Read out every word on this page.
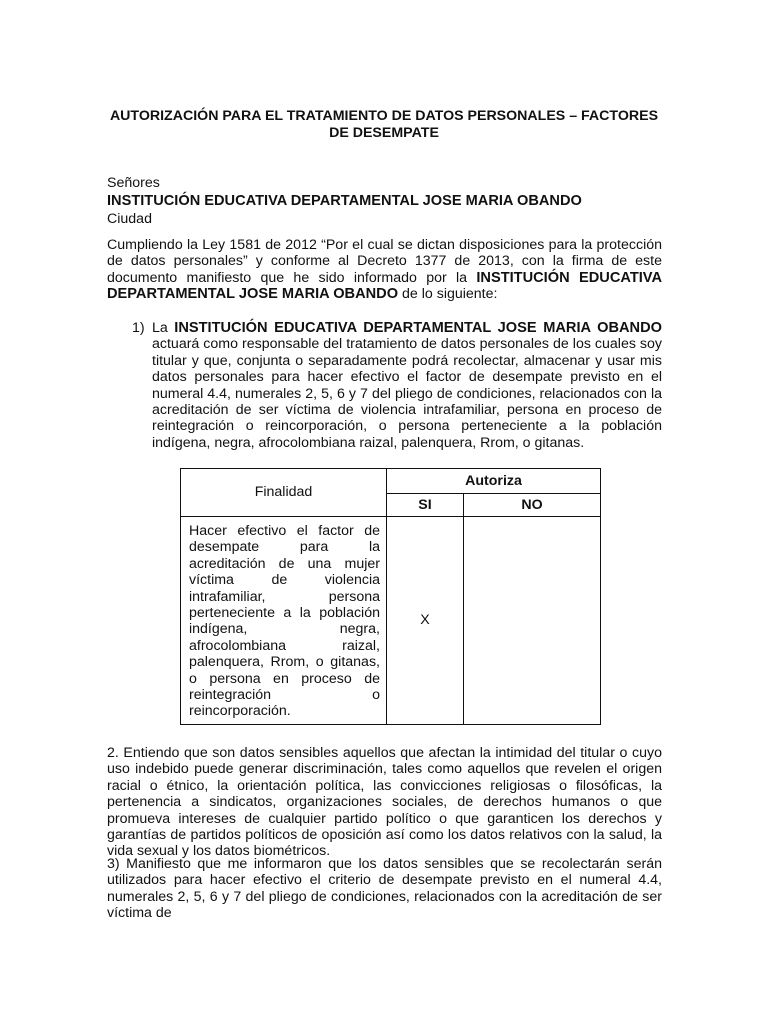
AUTORIZACIÓN PARA EL TRATAMIENTO DE DATOS PERSONALES – FACTORES
DE DESEMPATE
Señores
INSTITUCIÓN EDUCATIVA DEPARTAMENTAL JOSE MARIA OBANDO
Ciudad
Cumpliendo la Ley 1581 de 2012 “Por el cual se dictan disposiciones para la protección de datos personales” y conforme al Decreto 1377 de 2013, con la firma de este documento manifiesto que he sido informado por la INSTITUCIÓN EDUCATIVA DEPARTAMENTAL JOSE MARIA OBANDO de lo siguiente:
1) La INSTITUCIÓN EDUCATIVA DEPARTAMENTAL JOSE MARIA OBANDO actuará como responsable del tratamiento de datos personales de los cuales soy titular y que, conjunta o separadamente podrá recolectar, almacenar y usar mis datos personales para hacer efectivo el factor de desempate previsto en el numeral 4.4, numerales 2, 5, 6 y 7 del pliego de condiciones, relacionados con la acreditación de ser víctima de violencia intrafamiliar, persona en proceso de reintegración o reincorporación, o persona perteneciente a la población indígena, negra, afrocolombiana raizal, palenquera, Rrom, o gitanas.
Finalidad	Autoriza	
	SI	NO
Hacer efectivo el factor de desempate para la acreditación de una mujer víctima de violencia intrafamiliar, persona perteneciente a la población indígena, negra, afrocolombiana raizal, palenquera, Rrom, o gitanas, o persona en proceso de reintegración o reincorporación.	X	
2. Entiendo que son datos sensibles aquellos que afectan la intimidad del titular o cuyo uso indebido puede generar discriminación, tales como aquellos que revelen el origen racial o étnico, la orientación política, las convicciones religiosas o filosóficas, la pertenencia a sindicatos, organizaciones sociales, de derechos humanos o que promueva intereses de cualquier partido político o que garanticen los derechos y garantías de partidos políticos de oposición así como los datos relativos con la salud, la vida sexual y los datos biométricos.
3) Manifiesto que me informaron que los datos sensibles que se recolectarán serán utilizados para hacer efectivo el criterio de desempate previsto en el numeral 4.4, numerales 2, 5, 6 y 7 del pliego de condiciones, relacionados con la acreditación de ser víctima de
